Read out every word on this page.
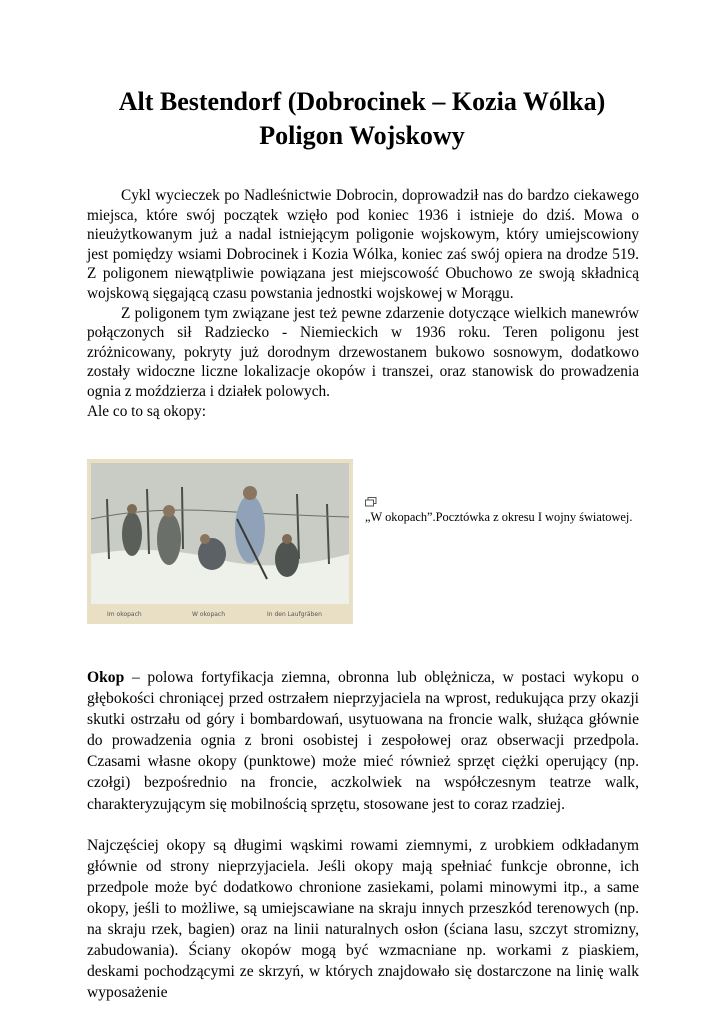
Alt Bestendorf (Dobrocinek – Kozia Wólka)
Poligon Wojskowy

Cykl wycieczek po Nadleśnictwie Dobrocin, doprowadził nas do bardzo ciekawego miejsca, które swój początek wzięło pod koniec 1936 i istnieje do dziś. Mowa o nieużytkowanym już a nadal istniejącym poligonie wojskowym, który umiejscowiony jest pomiędzy wsiami Dobrocinek i Kozia Wólka, koniec zaś swój opiera na drodze 519. Z poligonem niewątpliwie powiązana jest miejscowość Obuchowo ze swoją składnicą wojskową sięgającą czasu powstania jednostki wojskowej w Morągu.

Z poligonem tym związane jest też pewne zdarzenie dotyczące wielkich manewrów połączonych sił Radziecko - Niemieckich w 1936 roku. Teren poligonu jest zróżnicowany, pokryty już dorodnym drzewostanem bukowo sosnowym, dodatkowo zostały widoczne liczne lokalizacje okopów i transzei, oraz stanowisk do prowadzenia ognia z moździerza i działek polowych.

Ale co to są okopy:

Im okopach	W okopach	In den Laufgräben
„W okopach”.Pocztówka z okresu I wojny światowej.

Okop – polowa fortyfikacja ziemna, obronna lub oblężnicza, w postaci wykopu o głębokości chroniącej przed ostrzałem nieprzyjaciela na wprost, redukująca przy okazji skutki ostrzału od góry i bombardowań, usytuowana na froncie walk, służąca głównie do prowadzenia ognia z broni osobistej i zespołowej oraz obserwacji przedpola. Czasami własne okopy (punktowe) może mieć również sprzęt ciężki operujący (np. czołgi) bezpośrednio na froncie, aczkolwiek na współczesnym teatrze walk, charakteryzującym się mobilnością sprzętu, stosowane jest to coraz rzadziej.

Najczęściej okopy są długimi wąskimi rowami ziemnymi, z urobkiem odkładanym głównie od strony nieprzyjaciela. Jeśli okopy mają spełniać funkcje obronne, ich przedpole może być dodatkowo chronione zasiekami, polami minowymi itp., a same okopy, jeśli to możliwe, są umiejscawiane na skraju innych przeszkód terenowych (np. na skraju rzek, bagien) oraz na linii naturalnych osłon (ściana lasu, szczyt stromizny, zabudowania). Ściany okopów mogą być wzmacniane np. workami z piaskiem, deskami pochodzącymi ze skrzyń, w których znajdowało się dostarczone na linię walk wyposażenie
